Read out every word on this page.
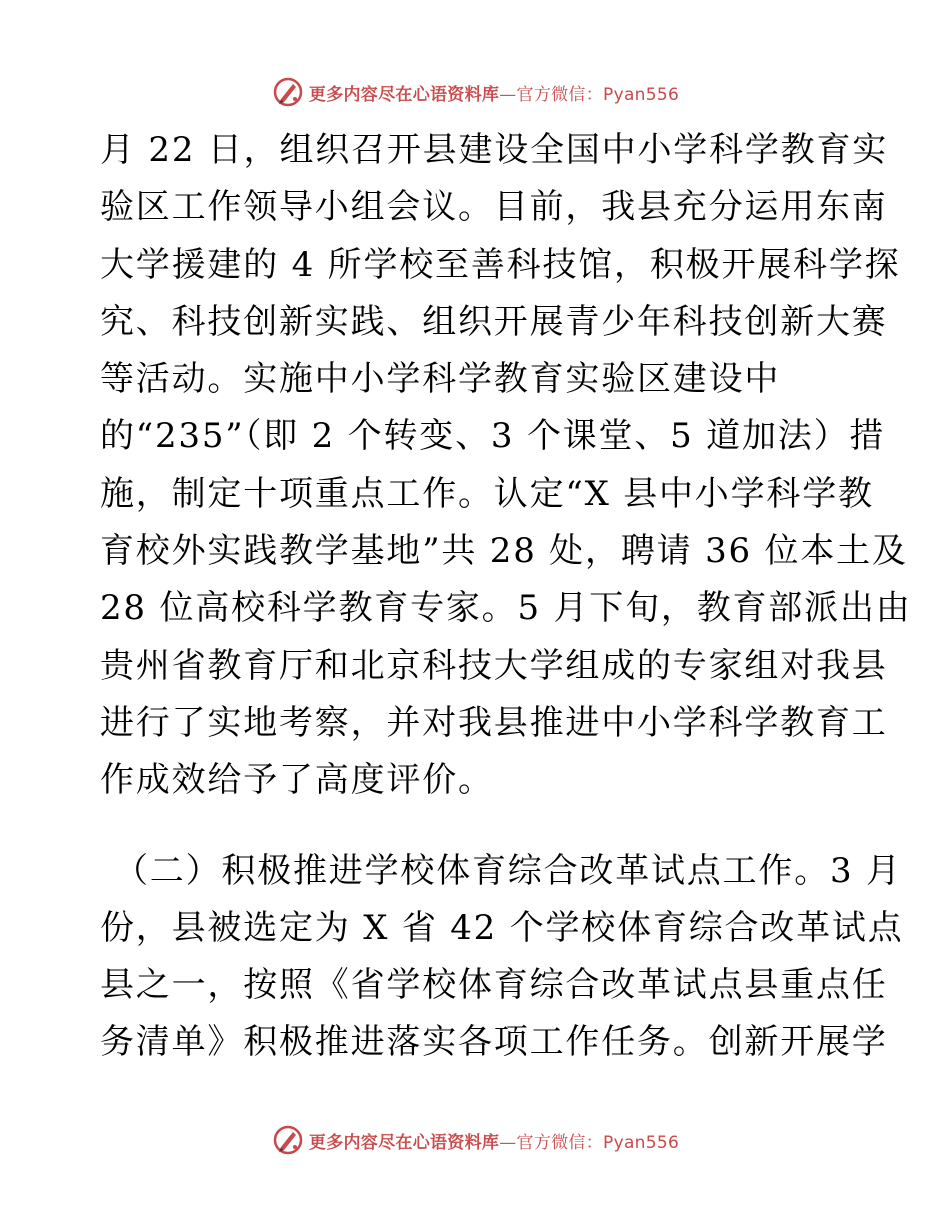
更多内容尽在心语资料库—官方微信：Pyan556
月 22 日，组织召开县建设全国中小学科学教育实
验区工作领导小组会议。目前，我县充分运用东南
大学援建的 4 所学校至善科技馆，积极开展科学探
究、科技创新实践、组织开展青少年科技创新大赛
等活动。实施中小学科学教育实验区建设中
的“235”（即 2 个转变、3 个课堂、5 道加法）措
施，制定十项重点工作。认定“X 县中小学科学教
育校外实践教学基地”共 28 处，聘请 36 位本土及
28 位高校科学教育专家。5 月下旬，教育部派出由
贵州省教育厅和北京科技大学组成的专家组对我县
进行了实地考察，并对我县推进中小学科学教育工
作成效给予了高度评价。
（二）积极推进学校体育综合改革试点工作。3 月
份，县被选定为 X 省 42 个学校体育综合改革试点
县之一，按照《省学校体育综合改革试点县重点任
务清单》积极推进落实各项工作任务。创新开展学
更多内容尽在心语资料库—官方微信：Pyan556
